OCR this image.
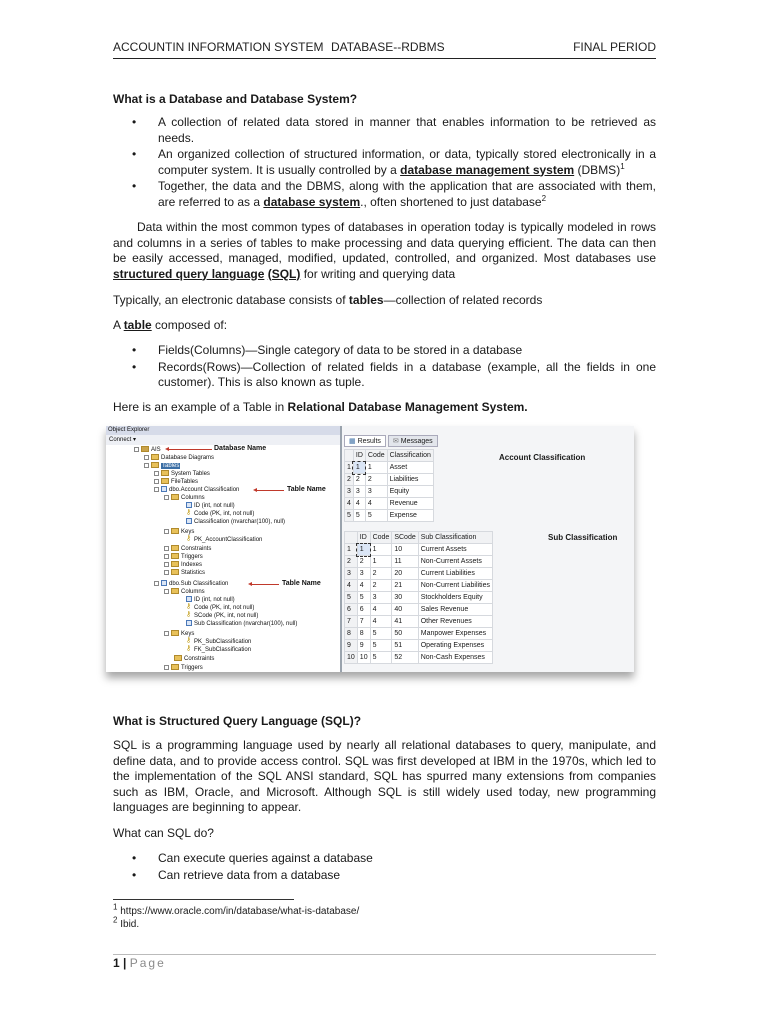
ACCOUNTIN INFORMATION SYSTEM DATABASE--RDBMS	FINAL PERIOD
What is a Database and Database System?
• A collection of related data stored in manner that enables information to be retrieved as needs.
• An organized collection of structured information, or data, typically stored electronically in a computer system. It is usually controlled by a database management system (DBMS)$^1$
• Together, the data and the DBMS, along with the application that are associated with them, are referred to as a database system., often shortened to just database$^2$
Data within the most common types of databases in operation today is typically modeled in rows and columns in a series of tables to make processing and data querying efficient. The data can then be easily accessed, managed, modified, updated, controlled, and organized. Most databases use structured query language (SQL) for writing and querying data
Typically, an electronic database consists of tables—collection of related records
A table composed of:
• Fields(Columns)—Single category of data to be stored in a database
• Records(Rows)—Collection of related fields in a database (example, all the fields in one customer). This is also known as tuple.
Here is an example of a Table in Relational Database Management System.
Object Explorer
Connect ▾
AIS	Database Name
Database Diagrams
Tables
System Tables
FileTables
dbo.Account Classification	Table Name
Columns
ID (int, not null)
⚷ Code (PK, int, not null)
Classification (nvarchar(100), null)
Keys
⚷ PK_AccountClassification
Constraints
Triggers
Indexes
Statistics
dbo.Sub Classification	Table Name
Columns
ID (int, not null)
⚷ Code (PK, int, not null)
⚷ SCode (PK, int, not null)
Sub Classification (nvarchar(100), null)
Keys
⚷ PK_SubClassification
⚷ FK_SubClassification
Constraints
Triggers
▦ Results	✉ Messages
	ID	Code	Classification
1	1	1	Asset
2	2	2	Liabilities
3	3	3	Equity
4	4	4	Revenue
5	5	5	Expense
Account Classification
	ID	Code	SCode	Sub Classification
1	1	1	10	Current Assets
2	2	1	11	Non-Current Assets
3	3	2	20	Current Liabilities
4	4	2	21	Non-Current Liabilities
5	5	3	30	Stockholders Equity
6	6	4	40	Sales Revenue
7	7	4	41	Other Revenues
8	8	5	50	Manpower Expenses
9	9	5	51	Operating Expenses
10	10	5	52	Non-Cash Expenses
Sub Classification
What is Structured Query Language (SQL)?
SQL is a programming language used by nearly all relational databases to query, manipulate, and define data, and to provide access control. SQL was first developed at IBM in the 1970s, which led to the implementation of the SQL ANSI standard, SQL has spurred many extensions from companies such as IBM, Oracle, and Microsoft. Although SQL is still widely used today, new programming languages are beginning to appear.
What can SQL do?
• Can execute queries against a database
• Can retrieve data from a database
$^1$ https://www.oracle.com/in/database/what-is-database/
$^2$ Ibid.
1 | Page
